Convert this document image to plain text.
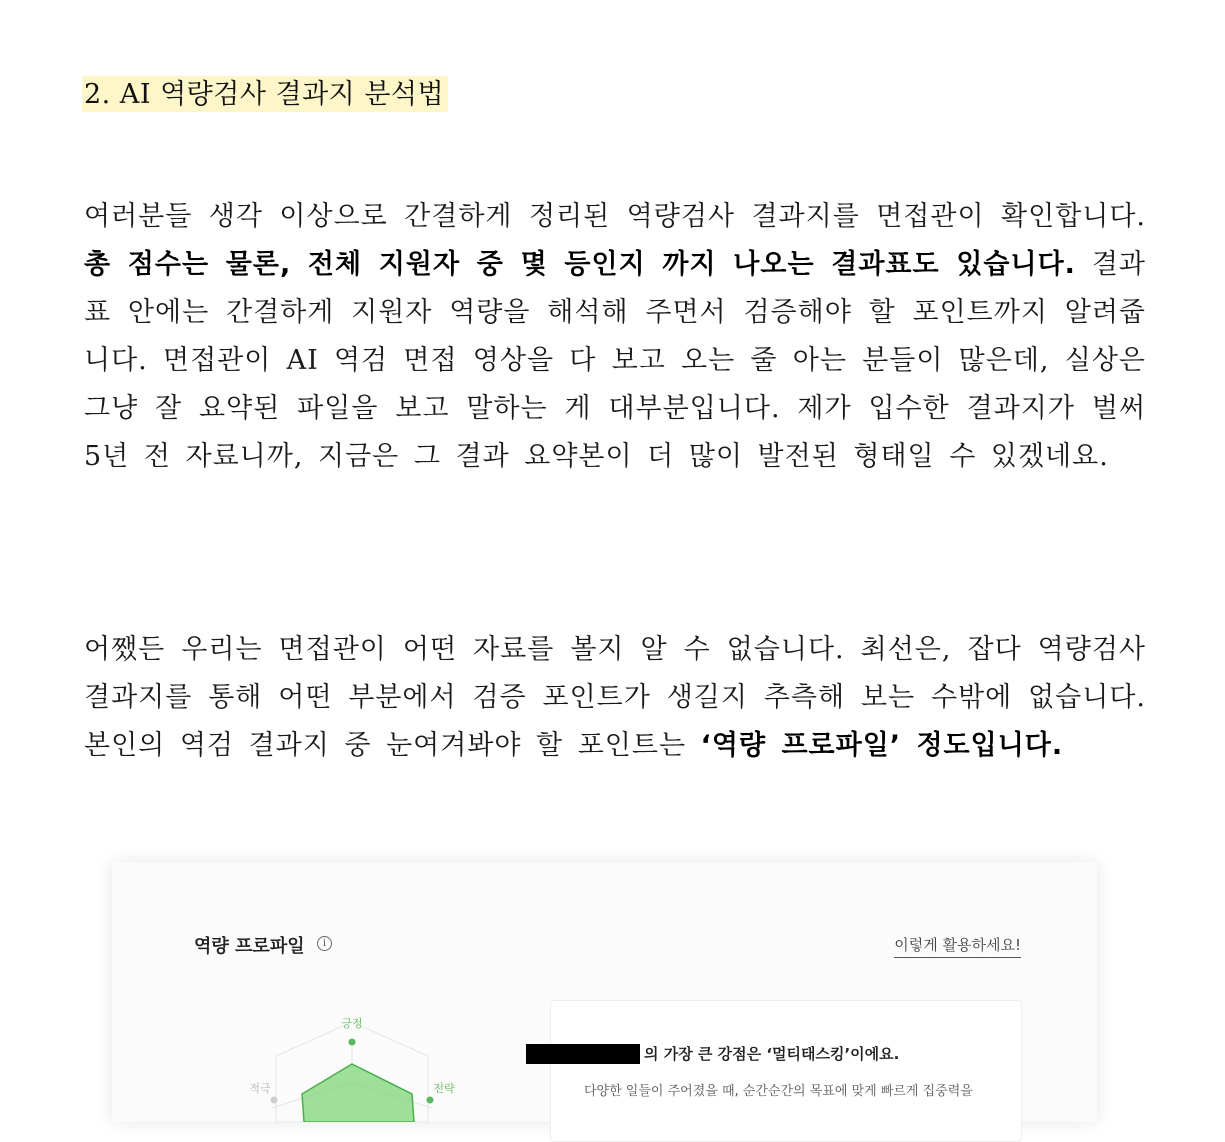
2. AI 역량검사 결과지 분석법

여러분들 생각 이상으로 간결하게 정리된 역량검사 결과지를 면접관이 확인합니다. 총 점수는 물론, 전체 지원자 중 몇 등인지 까지 나오는 결과표도 있습니다. 결과표 안에는 간결하게 지원자 역량을 해석해 주면서 검증해야 할 포인트까지 알려줍니다. 면접관이 AI 역검 면접 영상을 다 보고 오는 줄 아는 분들이 많은데, 실상은 그냥 잘 요약된 파일을 보고 말하는 게 대부분입니다. 제가 입수한 결과지가 벌써 5년 전 자료니까, 지금은 그 결과 요약본이 더 많이 발전된 형태일 수 있겠네요.

어쨌든 우리는 면접관이 어떤 자료를 볼지 알 수 없습니다. 최선은, 잡다 역량검사 결과지를 통해 어떤 부분에서 검증 포인트가 생길지 추측해 보는 수밖에 없습니다. 본인의 역검 결과지 중 눈여겨봐야 할 포인트는 ‘역량 프로파일’ 정도입니다.

역량 프로파일	i	이렇게 활용하세요!
긍정
전략
적극
의 가장 큰 강점은 ‘멀티태스킹’이에요.
다양한 일들이 주어졌을 때, 순간순간의 목표에 맞게 빠르게 집중력을
